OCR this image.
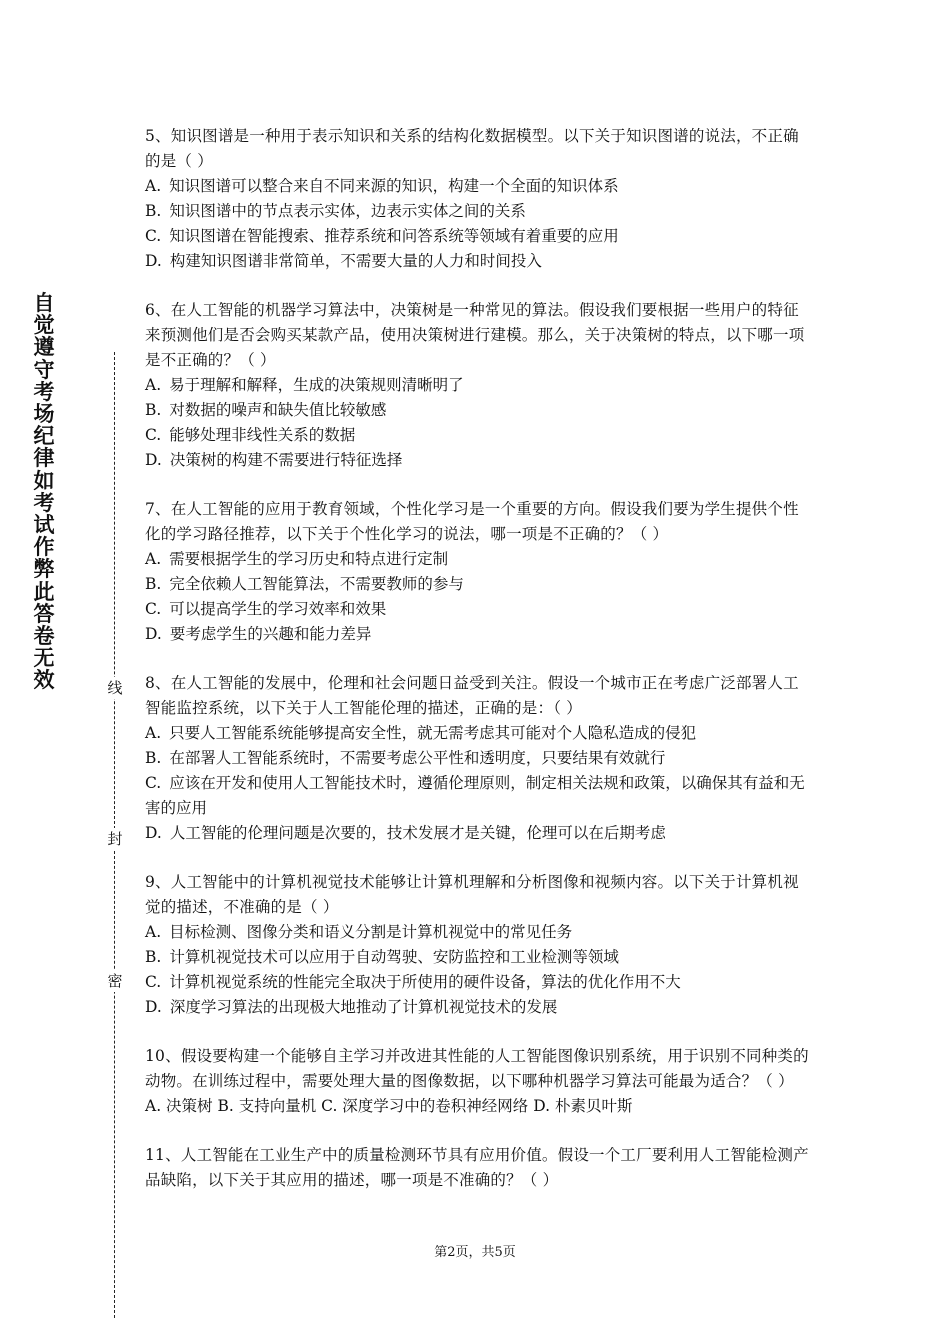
自觉遵守考场纪律如考试作弊此答卷无效	线
封
密

5、知识图谱是一种用于表示知识和关系的结构化数据模型。以下关于知识图谱的说法，不正确的是（ ）

A. 知识图谱可以整合来自不同来源的知识，构建一个全面的知识体系

B. 知识图谱中的节点表示实体，边表示实体之间的关系

C. 知识图谱在智能搜索、推荐系统和问答系统等领域有着重要的应用

D. 构建知识图谱非常简单，不需要大量的人力和时间投入

6、在人工智能的机器学习算法中，决策树是一种常见的算法。假设我们要根据一些用户的特征来预测他们是否会购买某款产品，使用决策树进行建模。那么，关于决策树的特点，以下哪一项是不正确的？（ ）

A. 易于理解和解释，生成的决策规则清晰明了

B. 对数据的噪声和缺失值比较敏感

C. 能够处理非线性关系的数据

D. 决策树的构建不需要进行特征选择

7、在人工智能的应用于教育领域，个性化学习是一个重要的方向。假设我们要为学生提供个性化的学习路径推荐，以下关于个性化学习的说法，哪一项是不正确的？（ ）

A. 需要根据学生的学习历史和特点进行定制

B. 完全依赖人工智能算法，不需要教师的参与

C. 可以提高学生的学习效率和效果

D. 要考虑学生的兴趣和能力差异

8、在人工智能的发展中，伦理和社会问题日益受到关注。假设一个城市正在考虑广泛部署人工智能监控系统，以下关于人工智能伦理的描述，正确的是：（ ）

A. 只要人工智能系统能够提高安全性，就无需考虑其可能对个人隐私造成的侵犯

B. 在部署人工智能系统时，不需要考虑公平性和透明度，只要结果有效就行

C. 应该在开发和使用人工智能技术时，遵循伦理原则，制定相关法规和政策，以确保其有益和无害的应用

D. 人工智能的伦理问题是次要的，技术发展才是关键，伦理可以在后期考虑

9、人工智能中的计算机视觉技术能够让计算机理解和分析图像和视频内容。以下关于计算机视觉的描述，不准确的是（ ）

A. 目标检测、图像分类和语义分割是计算机视觉中的常见任务

B. 计算机视觉技术可以应用于自动驾驶、安防监控和工业检测等领域

C. 计算机视觉系统的性能完全取决于所使用的硬件设备，算法的优化作用不大

D. 深度学习算法的出现极大地推动了计算机视觉技术的发展

10、假设要构建一个能够自主学习并改进其性能的人工智能图像识别系统，用于识别不同种类的动物。在训练过程中，需要处理大量的图像数据，以下哪种机器学习算法可能最为适合？（ ）

A. 决策树 B. 支持向量机 C. 深度学习中的卷积神经网络 D. 朴素贝叶斯

11、人工智能在工业生产中的质量检测环节具有应用价值。假设一个工厂要利用人工智能检测产品缺陷，以下关于其应用的描述，哪一项是不准确的？（ ）

第2页，共5页
